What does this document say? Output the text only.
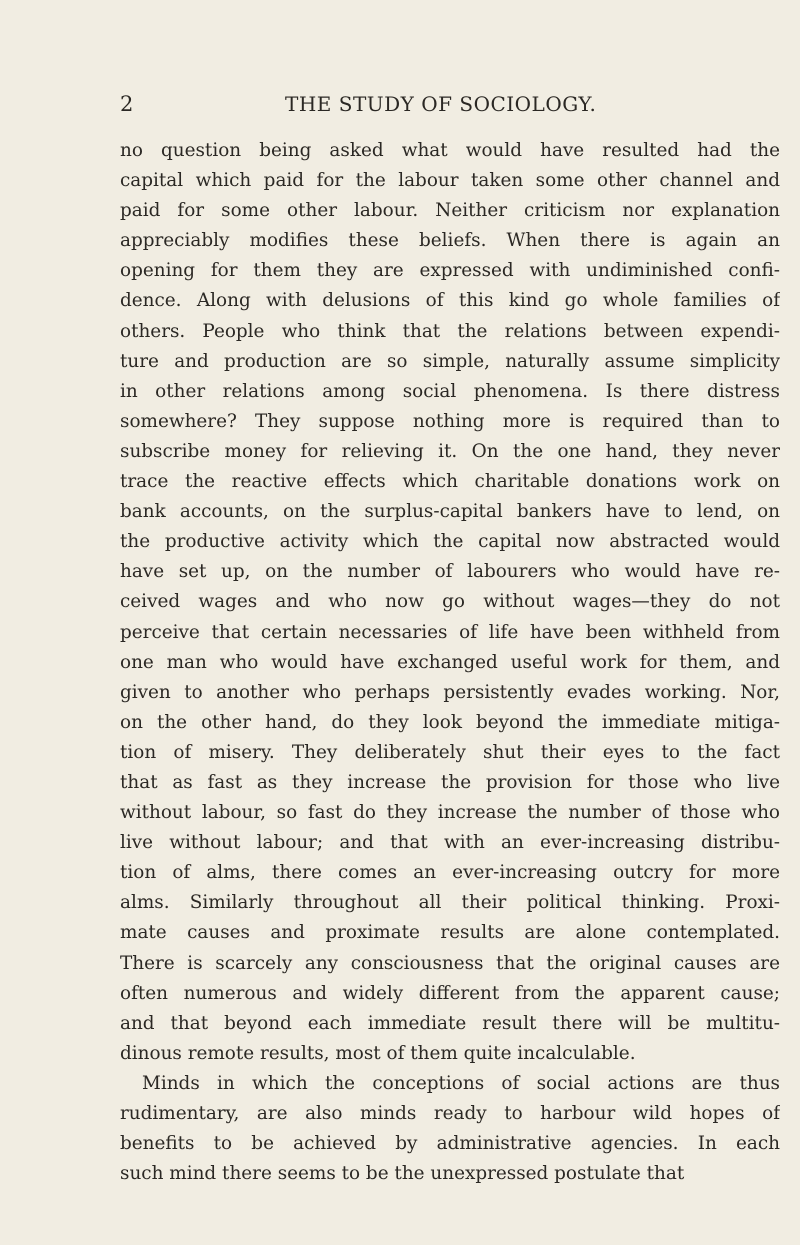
2	THE STUDY OF SOCIOLOGY.
no question being asked what would have resulted had the
capital which paid for the labour taken some other channel and
paid for some other labour. Neither criticism nor explanation
appreciably modifies these beliefs. When there is again an
opening for them they are expressed with undiminished confi-
dence. Along with delusions of this kind go whole families of
others. People who think that the relations between expendi-
ture and production are so simple, naturally assume simplicity
in other relations among social phenomena. Is there distress
somewhere? They suppose nothing more is required than to
subscribe money for relieving it. On the one hand, they never
trace the reactive effects which charitable donations work on
bank accounts, on the surplus-capital bankers have to lend, on
the productive activity which the capital now abstracted would
have set up, on the number of labourers who would have re-
ceived wages and who now go without wages—they do not
perceive that certain necessaries of life have been withheld from
one man who would have exchanged useful work for them, and
given to another who perhaps persistently evades working. Nor,
on the other hand, do they look beyond the immediate mitiga-
tion of misery. They deliberately shut their eyes to the fact
that as fast as they increase the provision for those who live
without labour, so fast do they increase the number of those who
live without labour; and that with an ever-increasing distribu-
tion of alms, there comes an ever-increasing outcry for more
alms. Similarly throughout all their political thinking. Proxi-
mate causes and proximate results are alone contemplated.
There is scarcely any consciousness that the original causes are
often numerous and widely different from the apparent cause;
and that beyond each immediate result there will be multitu-
dinous remote results, most of them quite incalculable.
Minds in which the conceptions of social actions are thus
rudimentary, are also minds ready to harbour wild hopes of
benefits to be achieved by administrative agencies. In each
such mind there seems to be the unexpressed postulate that
